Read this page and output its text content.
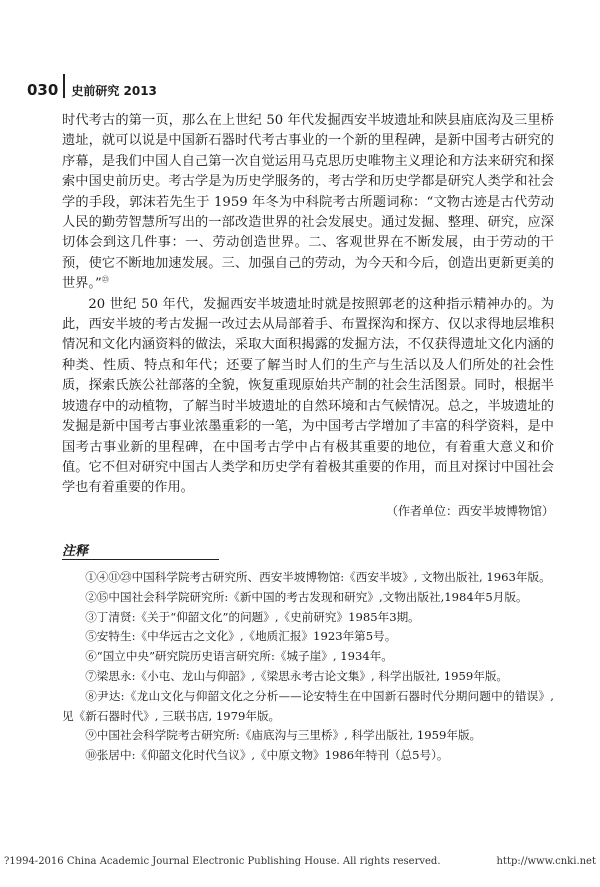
030 史前研究 2013

时代考古的第一页，那么在上世纪 50 年代发掘西安半坡遗址和陕县庙底沟及三里桥遗址，就可以说是中国新石器时代考古事业的一个新的里程碑，是新中国考古研究的序幕，是我们中国人自己第一次自觉运用马克思历史唯物主义理论和方法来研究和探索中国史前历史。考古学是为历史学服务的，考古学和历史学都是研究人类学和社会学的手段，郭沫若先生于 1959 年冬为中科院考古所题词称：“文物古迹是古代劳动人民的勤劳智慧所写出的一部改造世界的社会发展史。通过发掘、整理、研究，应深切体会到这几件事：一、劳动创造世界。二、客观世界在不断发展，由于劳动的干预，使它不断地加速发展。三、加强自己的劳动，为今天和今后，创造出更新更美的世界。”$^㉓$

20 世纪 50 年代，发掘西安半坡遗址时就是按照郭老的这种指示精神办的。为此，西安半坡的考古发掘一改过去从局部着手、布置探沟和探方、仅以求得地层堆积情况和文化内涵资料的做法，采取大面积揭露的发掘方法，不仅获得遗址文化内涵的种类、性质、特点和年代；还要了解当时人们的生产与生活以及人们所处的社会性质，探索氏族公社部落的全貌，恢复重现原始共产制的社会生活图景。同时，根据半坡遗存中的动植物，了解当时半坡遗址的自然环境和古气候情况。总之，半坡遗址的发掘是新中国考古事业浓墨重彩的一笔，为中国考古学增加了丰富的科学资料，是中国考古事业新的里程碑，在中国考古学中占有极其重要的地位，有着重大意义和价值。它不但对研究中国古人类学和历史学有着极其重要的作用，而且对探讨中国社会学也有着重要的作用。

（作者单位：西安半坡博物馆）
注释

①④⑪㉓中国科学院考古研究所、西安半坡博物馆:《西安半坡》, 文物出版社, 1963年版。

②⑮中国社会科学院研究所:《新中国的考古发现和研究》,文物出版社,1984年5月版。

③丁清贤:《关于“仰韶文化”的问题》,《史前研究》1985年3期。

⑤安特生:《中华远古之文化》,《地质汇报》1923年第5号。

⑥“国立中央”研究院历史语言研究所:《城子崖》, 1934年。

⑦梁思永:《小屯、龙山与仰韶》,《梁思永考古论文集》, 科学出版社, 1959年版。

⑧尹达:《龙山文化与仰韶文化之分析——论安特生在中国新石器时代分期问题中的错误》, 见《新石器时代》, 三联书店, 1979年版。

⑨中国社会科学院考古研究所:《庙底沟与三里桥》, 科学出版社, 1959年版。

⑩张居中:《仰韶文化时代刍议》,《中原文物》1986年特刊（总5号）。

?1994-2016 China Academic Journal Electronic Publishing House. All rights reserved.	http://www.cnki.net
